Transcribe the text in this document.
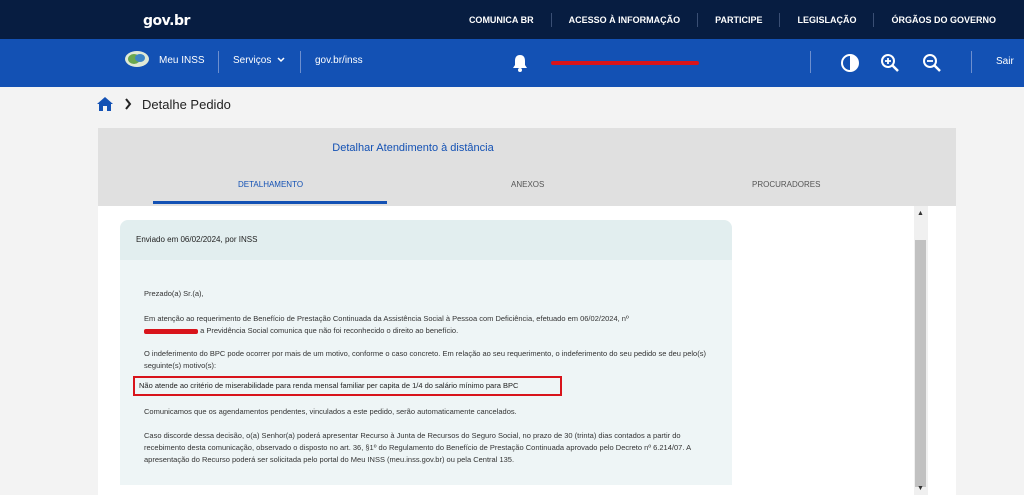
gov.br	COMUNICA BR	ACESSO À INFORMAÇÃO	PARTICIPE	LEGISLAÇÃO	ÓRGÃOS DO GOVERNO
Meu INSS	Serviços	gov.br/inss	Sair
Detalhe Pedido
Detalhar Atendimento à distância
DETALHAMENTO	ANEXOS	PROCURADORES
▲
▼
Enviado em 06/02/2024, por INSS
Prezado(a) Sr.(a),
Em atenção ao requerimento de Benefício de Prestação Continuada da Assistência Social à Pessoa com Deficiência, efetuado em 06/02/2024, nº
a Previdência Social comunica que não foi reconhecido o direito ao benefício.
O indeferimento do BPC pode ocorrer por mais de um motivo, conforme o caso concreto. Em relação ao seu requerimento, o indeferimento do seu pedido se deu pelo(s) seguinte(s) motivo(s):
Não atende ao critério de miserabilidade para renda mensal familiar per capita de 1/4 do salário mínimo para BPC
Comunicamos que os agendamentos pendentes, vinculados a este pedido, serão automaticamente cancelados.
Caso discorde dessa decisão, o(a) Senhor(a) poderá apresentar Recurso à Junta de Recursos do Seguro Social, no prazo de 30 (trinta) dias contados a partir do recebimento desta comunicação, observado o disposto no art. 36, §1º do Regulamento do Benefício de Prestação Continuada aprovado pelo Decreto nº 6.214/07. A apresentação do Recurso poderá ser solicitada pelo portal do Meu INSS (meu.inss.gov.br) ou pela Central 135.
